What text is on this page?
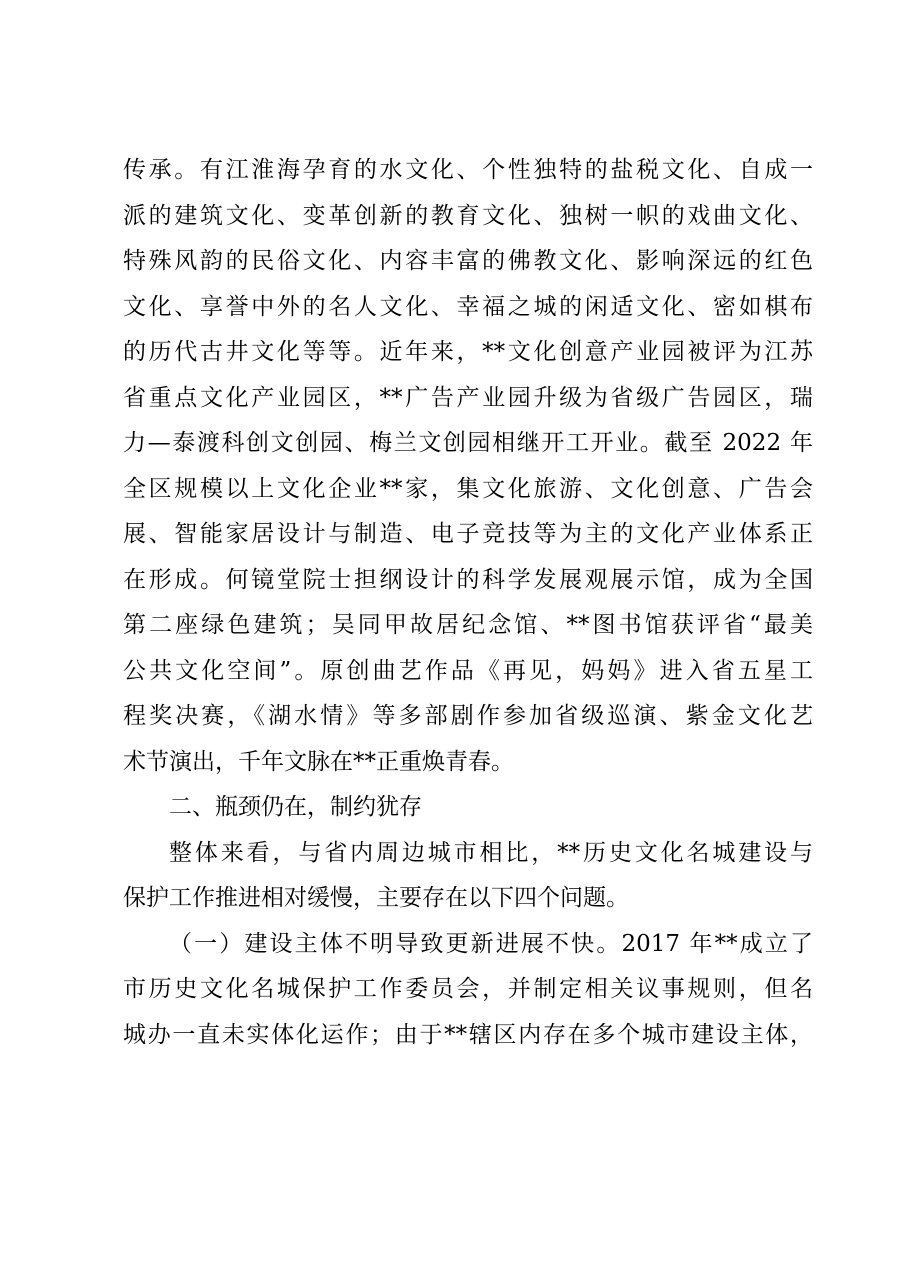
传承。有江淮海孕育的水文化、个性独特的盐税文化、自成一
派的建筑文化、变革创新的教育文化、独树一帜的戏曲文化、
特殊风韵的民俗文化、内容丰富的佛教文化、影响深远的红色
文化、享誉中外的名人文化、幸福之城的闲适文化、密如棋布
的历代古井文化等等。近年来，**文化创意产业园被评为江苏
省重点文化产业园区，**广告产业园升级为省级广告园区，瑞
力—泰渡科创文创园、梅兰文创园相继开工开业。截至 2022 年
全区规模以上文化企业**家，集文化旅游、文化创意、广告会
展、智能家居设计与制造、电子竞技等为主的文化产业体系正
在形成。何镜堂院士担纲设计的科学发展观展示馆，成为全国
第二座绿色建筑；吴同甲故居纪念馆、**图书馆获评省“最美
公共文化空间”。原创曲艺作品《再见，妈妈》进入省五星工
程奖决赛，《湖水情》等多部剧作参加省级巡演、紫金文化艺
术节演出，千年文脉在**正重焕青春。
二、瓶颈仍在，制约犹存
整体来看，与省内周边城市相比，**历史文化名城建设与
保护工作推进相对缓慢，主要存在以下四个问题。
（一）建设主体不明导致更新进展不快。2017 年**成立了
市历史文化名城保护工作委员会，并制定相关议事规则，但名
城办一直未实体化运作；由于**辖区内存在多个城市建设主体，
